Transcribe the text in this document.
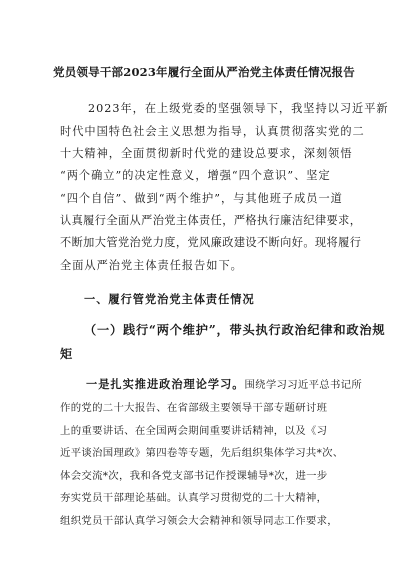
党员领导干部2023年履行全面从严治党主体责任情况报告
2023年，在上级党委的坚强领导下，我坚持以习近平新
时代中国特色社会主义思想为指导，认真贯彻落实党的二
十大精神，全面贯彻新时代党的建设总要求，深刻领悟
“两个确立”的决定性意义，增强“四个意识”、坚定
“四个自信”、做到“两个维护”，与其他班子成员一道
认真履行全面从严治党主体责任，严格执行廉洁纪律要求，
不断加大管党治党力度，党风廉政建设不断向好。现将履行
全面从严治党主体责任报告如下。
一、履行管党治党主体责任情况
（一）践行“两个维护”，带头执行政治纪律和政治规
矩
一是扎实推进政治理论学习。围绕学习习近平总书记所
作的党的二十大报告、在省部级主要领导干部专题研讨班
上的重要讲话、在全国两会期间重要讲话精神，以及《习
近平谈治国理政》第四卷等专题，先后组织集体学习共*次、
体会交流*次，我和各党支部书记作授课辅导*次，进一步
夯实党员干部理论基础。认真学习贯彻党的二十大精神，
组织党员干部认真学习领会大会精神和领导同志工作要求，
